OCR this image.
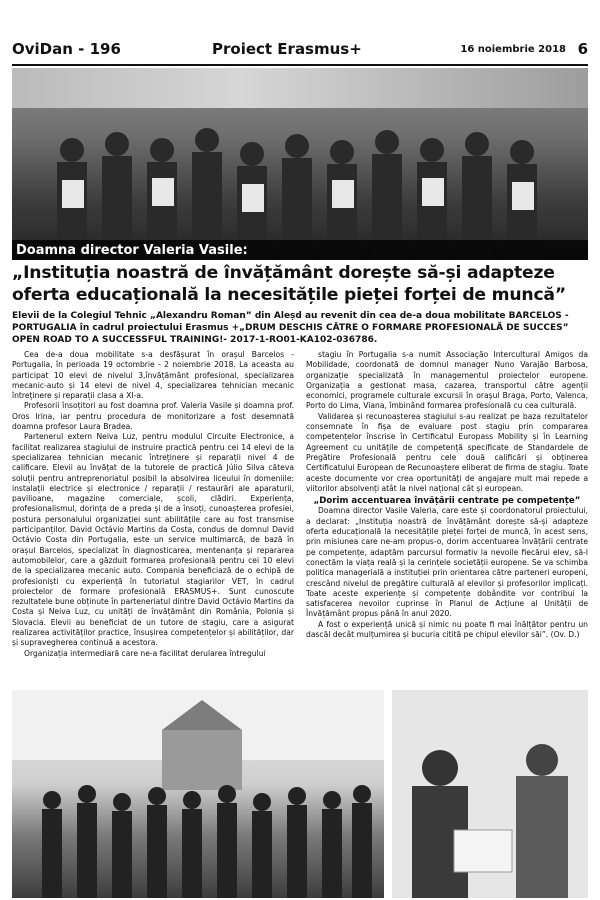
OviDan - 196	Proiect Erasmus+	16 noiembrie 2018 6
Doamna director Valeria Vasile:
„Instituția noastră de învățământ dorește să-și adapteze oferta educațională la necesitățile pieței forței de muncă”
Elevii de la Colegiul Tehnic „Alexandru Roman” din Aleșd au revenit din cea de-a doua mobilitate BARCELOS - PORTUGALIA în cadrul proiectului Erasmus +„DRUM DESCHIS CĂTRE O FORMARE PROFESIONALĂ DE SUCCES” OPEN ROAD TO A SUCCESSFUL TRAINING!- 2017-1-RO01-KA102-036786.

Cea de-a doua mobilitate s-a desfășurat în orașul Barcelos - Portugalia, în perioada 19 octombrie - 2 noiembrie 2018. La aceasta au participat 10 elevi de nivelul 3,învățământ profesional, specializarea mecanic-auto și 14 elevi de nivel 4, specializarea tehnician mecanic întreținere și reparații clasa a XI-a.

Profesorii însoțitori au fost doamna prof. Valeria Vasile și doamna prof. Oros Irina, iar pentru procedura de monitorizare a fost desemnată doamna profesor Laura Bradea.

Partenerul extern Neiva Luz, pentru modulul Circuite Electronice, a facilitat realizarea stagiului de instruire practică pentru cei 14 elevi de la specializarea tehnician mecanic întreținere și reparații nivel 4 de calificare. Elevii au învățat de la tutorele de practică Júlio Silva căteva soluții pentru antreprenoriatul posibil la absolvirea liceului în domeniile: instalații electrice și electronice / reparații / restaurări ale aparaturii, pavilioane, magazine comerciale, școli, clădiri. Experiența, profesionalismul, dorința de a preda și de a însoți, cunoașterea profesiei, postura personalului organizației sunt abilitățile care au fost transmise participanților. David Octávio Martins da Costa, condus de domnul David Octávio Costa din Portugalia, este un service multimarcă, de bază în orașul Barcelos, specializat în diagnosticarea, mentenanța și repararea automobilelor, care a găzduit formarea profesională pentru cei 10 elevi de la specializarea mecanic auto. Compania beneficiază de o echipă de profesioniști cu experiență în tutoriatul stagiarilor VET, în cadrul proiectelor de formare profesională ERASMUS+. Sunt cunoscute rezultatele bune obținute în parteneriatul dintre David Octávio Martins da Costa și Neiva Luz, cu unități de învățământ din România, Polonia și Slovacia. Elevii au beneficiat de un tutore de stagiu, care a asigurat realizarea activităților practice, însușirea competențelor și abilităților, dar și supravegherea continuă a acestora.

Organizația intermediară care ne-a facilitat derularea întregului

stagiu în Portugalia s-a numit Associação Intercultural Amigos da Mobilidade, coordonată de domnul manager Nuno Varajão Barbosa, organizație specializată în managementul proiectelor europene. Organizația a gestionat masa, cazarea, transportul către agenții economici, programele culturale excursii în orașul Braga, Porto, Valenca, Porto do Lima, Viana, îmbinând formarea profesională cu cea culturală.

Validarea și recunoașterea stagiului s-au realizat pe baza rezultatelor consemnate în fișa de evaluare post stagiu prin compararea competențelor înscrise în Certificatul Europass Mobility și în Learning Agreement cu unitățile de competență specificate de Standardele de Pregătire Profesională pentru cele două calificări și obținerea Certificatului European de Recunoaștere eliberat de firma de stagiu. Toate aceste documente vor crea oportunități de angajare mult mai repede a viitorilor absolvenți atât la nivel național cât și european.

„Dorim accentuarea învățării centrate pe competențe”

Doamna director Vasile Valeria, care este și coordonatorul proiectului, a declarat: „Instituția noastră de învățământ dorește să-și adapteze oferta educațională la necesitățile pieței forței de muncă, în acest sens, prin misiunea care ne-am propus-o, dorim accentuarea învățării centrate pe competențe, adaptăm parcursul formativ la nevoile fiecărui elev, să-l conectăm la viața reală și la cerințele societății europene. Se va schimba politica managerială a instituției prin orientarea către parteneri europeni, crescând nivelul de pregătire culturală al elevilor și profesorilor implicați. Toate aceste experiențe și competențe dobândite vor contribui la satisfacerea nevoilor cuprinse în Planul de Acțiune al Unității de Învățământ propus până în anul 2020.

A fost o experiență unică și nimic nu poate fi mai înălțător pentru un dascăl decât mulțumirea și bucuria citită pe chipul elevilor săi”. (Ov. D.)
